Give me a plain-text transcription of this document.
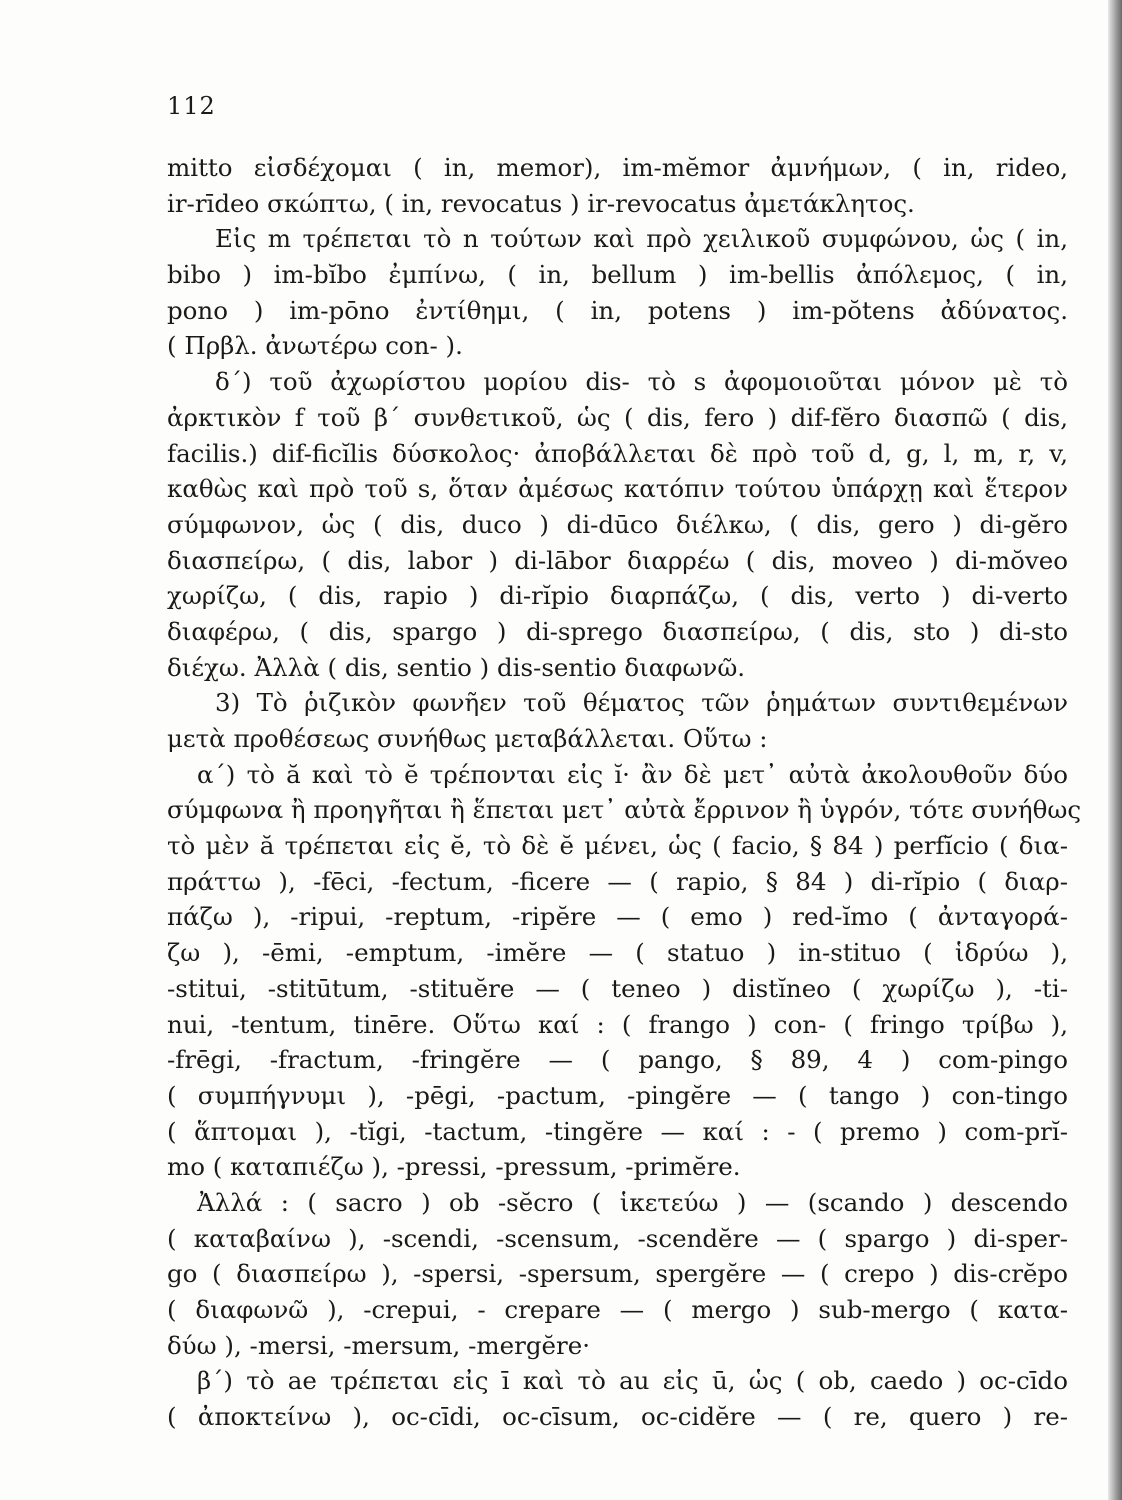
112
mitto εἰσδέχομαι ( in, memor), im-mĕmor ἀμνήμων, ( in, rideo,
ir-rīdeo σκώπτω, ( in, revocatus ) ir-revocatus ἀμετάκλητος.
Εἰς m τρέπεται τὸ n τούτων καὶ πρὸ χειλικοῦ συμφώνου, ὡς ( in,
bibo ) im-bĭbo ἐμπίνω, ( in, bellum ) im-bellis ἀπόλεμος, ( in,
pono ) im-pōno ἐντίθημι, ( in, potens ) im-pŏtens ἀδύνατος.
( Πρβλ. ἀνωτέρω con- ).
δ΄) τοῦ ἀχωρίστου μορίου dis- τὸ s ἀφομοιοῦται μόνον μὲ τὸ
ἀρκτικὸν f τοῦ β΄ συνθετικοῦ, ὡς ( dis, fero ) dif-fĕro διασπῶ ( dis,
facilis.) dif-ficĭlis δύσκολος· ἀποβάλλεται δὲ πρὸ τοῦ d, g, l, m, r, v,
καθὼς καὶ πρὸ τοῦ s, ὅταν ἀμέσως κατόπιν τούτου ὑπάρχῃ καὶ ἕτερον
σύμφωνον, ὡς ( dis, duco ) di-dūco διέλκω, ( dis, gero ) di-gĕro
διασπείρω, ( dis, labor ) di-lābor διαρρέω ( dis, moveo ) di-mŏveo
χωρίζω, ( dis, rapio ) di-rĭpio διαρπάζω, ( dis, verto ) di-verto
διαφέρω, ( dis, spargo ) di-sprego διασπείρω, ( dis, sto ) di-sto
διέχω. Ἀλλὰ ( dis, sentio ) dis-sentio διαφωνῶ.
3) Τὸ ῥιζικὸν φωνῆεν τοῦ θέματος τῶν ῥημάτων συντιθεμένων
μετὰ προθέσεως συνήθως μεταβάλλεται. Οὕτω :
α΄) τὸ ă καὶ τὸ ĕ τρέπονται εἰς ĭ· ἂν δὲ μετ᾿ αὐτὰ ἀκολουθοῦν δύο
σύμφωνα ἢ προηγῆται ἢ ἕπεται μετ᾿ αὐτὰ ἔρρινον ἢ ὑγρόν, τότε συνήθως
τὸ μὲν ă τρέπεται εἰς ĕ, τὸ δὲ ĕ μένει, ὡς ( facio, § 84 ) perfĭcio ( δια-
πράττω ), -fēci, -fectum, -ficere — ( rapio, § 84 ) di-rĭpio ( διαρ-
πάζω ), -ripui, -reptum, -ripĕre — ( emo ) red-ĭmo ( ἀνταγορά-
ζω ), -ēmi, -emptum, -imĕre — ( statuo ) in-stituo ( ἱδρύω ),
-stitui, -stitūtum, -stituĕre — ( teneo ) distĭneo ( χωρίζω ), -ti-
nui, -tentum, tinēre. Οὕτω καί : ( frango ) con- ( fringo τρίβω ),
-frēgi, -fractum, -fringĕre — ( pango, § 89, 4 ) com-pingo
( συμπήγνυμι ), -pēgi, -pactum, -pingĕre — ( tango ) con-tingo
( ἅπτομαι ), -tĭgi, -tactum, -tingĕre — καί : - ( premo ) com-prĭ-
mo ( καταπιέζω ), -pressi, -pressum, -primĕre.
Ἀλλά : ( sacro ) ob -sĕcro ( ἱκετεύω ) — (scando ) descendo
( καταβαίνω ), -scendi, -scensum, -scendĕre — ( spargo ) di-sper-
go ( διασπείρω ), -spersi, -spersum, spergĕre — ( crepo ) dis-crĕpo
( διαφωνῶ ), -crepui, - crepare — ( mergo ) sub-mergo ( κατα-
δύω ), -mersi, -mersum, -mergĕre·
β΄) τὸ ae τρέπεται εἰς ī καὶ τὸ au εἰς ū, ὡς ( ob, caedo ) oc-cīdo
( ἀποκτείνω ), oc-cīdi, oc-cīsum, oc-cidĕre — ( re, quero ) re-
